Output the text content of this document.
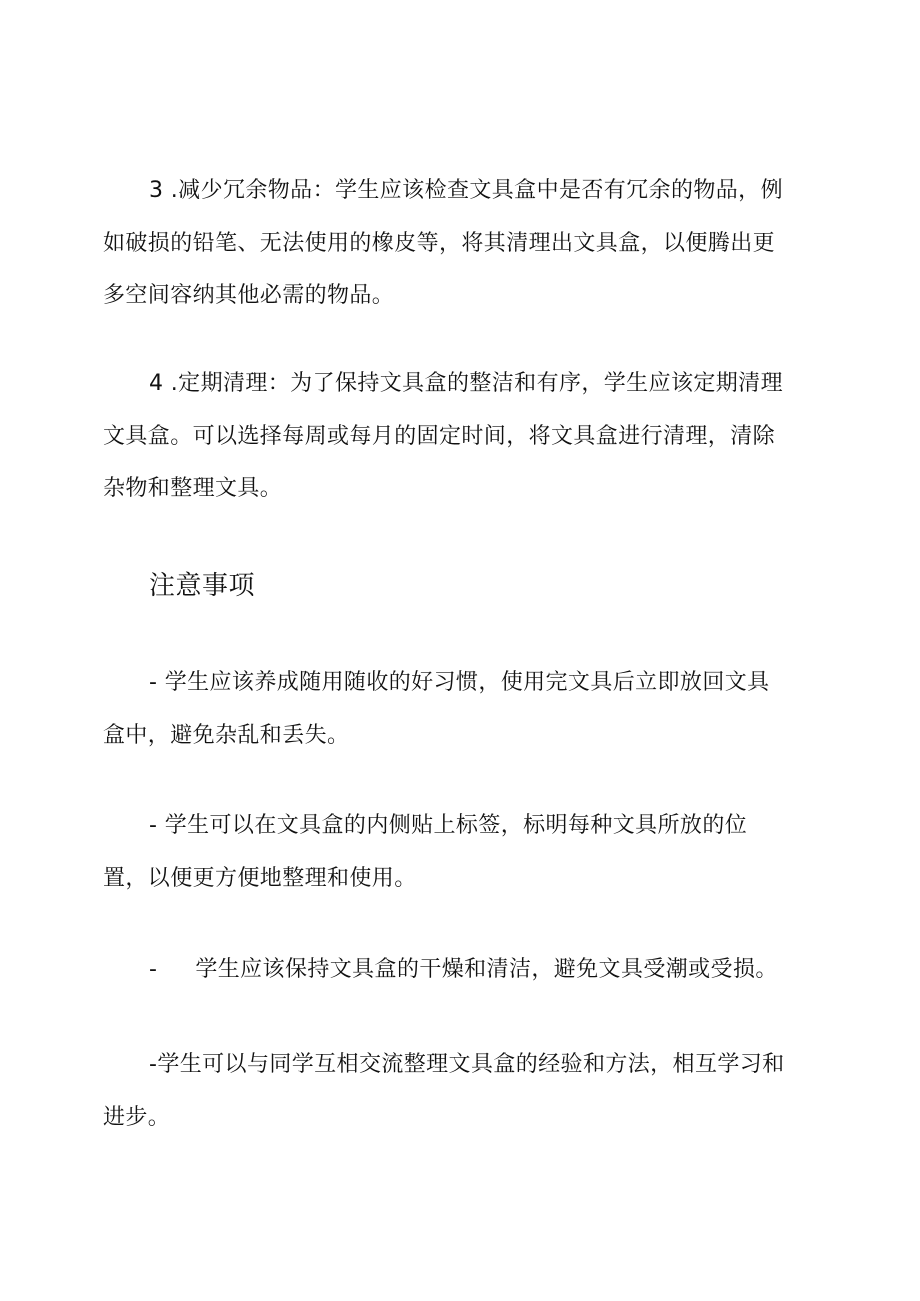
3 .减少冗余物品：学生应该检查文具盒中是否有冗余的物品，例
如破损的铅笔、无法使用的橡皮等，将其清理出文具盒，以便腾出更
多空间容纳其他必需的物品。
4 .定期清理：为了保持文具盒的整洁和有序，学生应该定期清理
文具盒。可以选择每周或每月的固定时间，将文具盒进行清理，清除
杂物和整理文具。
注意事项
- 学生应该养成随用随收的好习惯，使用完文具后立即放回文具
盒中，避免杂乱和丢失。
- 学生可以在文具盒的内侧贴上标签，标明每种文具所放的位
置，以便更方便地整理和使用。
- 学生应该保持文具盒的干燥和清洁，避免文具受潮或受损。
-学生可以与同学互相交流整理文具盒的经验和方法，相互学习和
进步。
